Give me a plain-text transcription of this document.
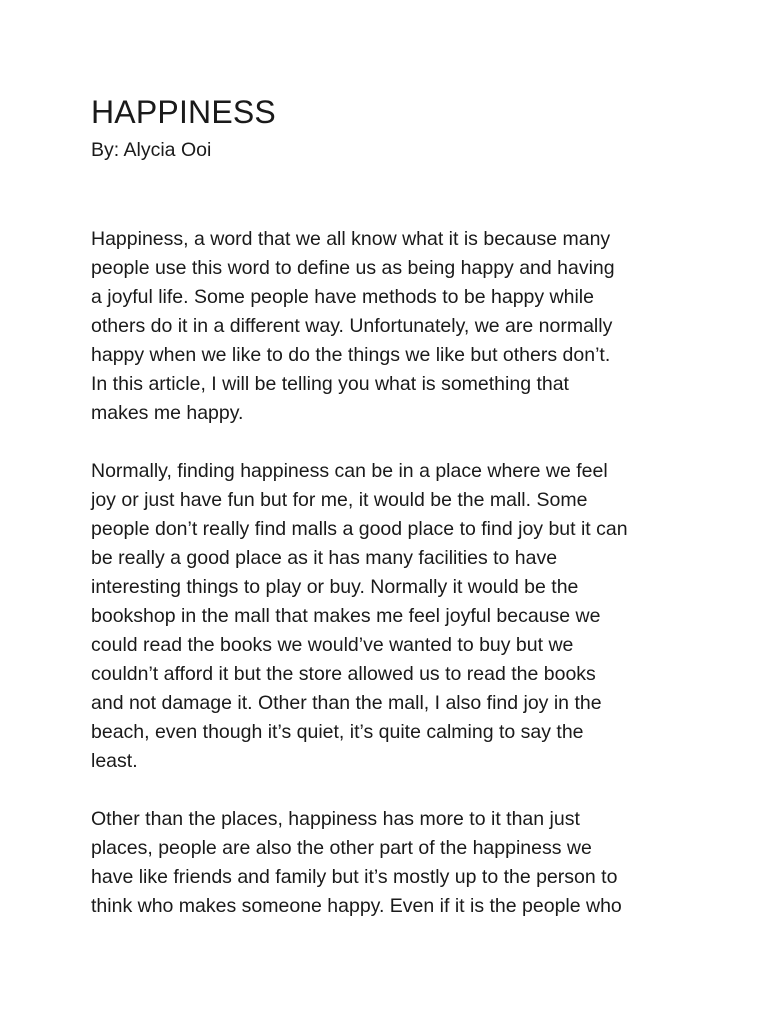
HAPPINESS
By: Alycia Ooi
Happiness, a word that we all know what it is because many
people use this word to define us as being happy and having
a joyful life. Some people have methods to be happy while
others do it in a different way. Unfortunately, we are normally
happy when we like to do the things we like but others don’t.
In this article, I will be telling you what is something that
makes me happy.
Normally, finding happiness can be in a place where we feel
joy or just have fun but for me, it would be the mall. Some
people don’t really find malls a good place to find joy but it can
be really a good place as it has many facilities to have
interesting things to play or buy. Normally it would be the
bookshop in the mall that makes me feel joyful because we
could read the books we would’ve wanted to buy but we
couldn’t afford it but the store allowed us to read the books
and not damage it. Other than the mall, I also find joy in the
beach, even though it’s quiet, it’s quite calming to say the
least.
Other than the places, happiness has more to it than just
places, people are also the other part of the happiness we
have like friends and family but it’s mostly up to the person to
think who makes someone happy. Even if it is the people who
